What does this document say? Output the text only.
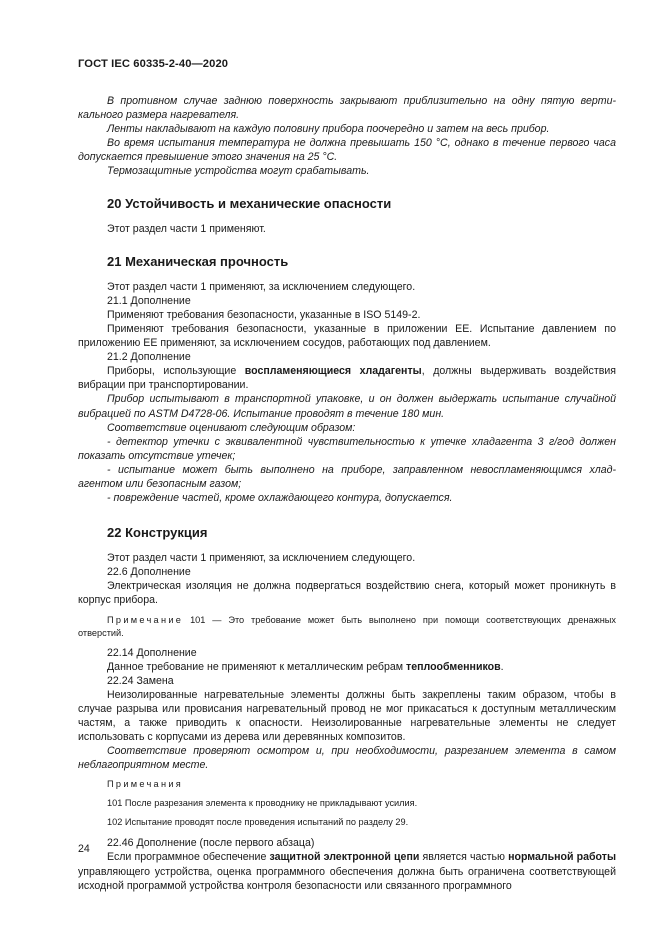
ГОСТ IEC 60335-2-40—2020

В противном случае заднюю поверхность закрывают приблизительно на одну пятую вертикального размера нагревателя.

Ленты накладывают на каждую половину прибора поочередно и затем на весь прибор.

Во время испытания температура не должна превышать 150 °С, однако в течение первого часа допускается превышение этого значения на 25 °С.

Термозащитные устройства могут срабатывать.

20 Устойчивость и механические опасности

Этот раздел части 1 применяют.

21 Механическая прочность

Этот раздел части 1 применяют, за исключением следующего.

21.1 Дополнение

Применяют требования безопасности, указанные в ISO 5149-2.

Применяют требования безопасности, указанные в приложении ЕЕ. Испытание давлением по приложению ЕЕ применяют, за исключением сосудов, работающих под давлением.

21.2 Дополнение

Приборы, использующие воспламеняющиеся хладагенты, должны выдерживать воздействия вибрации при транспортировании.

Прибор испытывают в транспортной упаковке, и он должен выдержать испытание случайной вибрацией по ASTM D4728-06. Испытание проводят в течение 180 мин.

Соответствие оценивают следующим образом:

- детектор утечки с эквивалентной чувствительностью к утечке хладагента 3 г/год должен показать отсутствие утечек;

- испытание может быть выполнено на приборе, заправленном невоспламеняющимся хладагентом или безопасным газом;

- повреждение частей, кроме охлаждающего контура, допускается.

22 Конструкция

Этот раздел части 1 применяют, за исключением следующего.

22.6 Дополнение

Электрическая изоляция не должна подвергаться воздействию снега, который может проникнуть в корпус прибора.

Примечание 101 — Это требование может быть выполнено при помощи соответствующих дренажных отверстий.

22.14 Дополнение

Данное требование не применяют к металлическим ребрам теплообменников.

22.24 Замена

Неизолированные нагревательные элементы должны быть закреплены таким образом, чтобы в случае разрыва или провисания нагревательный провод не мог прикасаться к доступным металлическим частям, а также приводить к опасности. Неизолированные нагревательные элементы не следует использовать с корпусами из дерева или деревянных композитов.

Соответствие проверяют осмотром и, при необходимости, разрезанием элемента в самом неблагоприятном месте.

Примечания

101 После разрезания элемента к проводнику не прикладывают усилия.

102 Испытание проводят после проведения испытаний по разделу 29.

22.46 Дополнение (после первого абзаца)

Если программное обеспечение защитной электронной цепи является частью нормальной работы управляющего устройства, оценка программного обеспечения должна быть ограничена соответствующей исходной программой устройства контроля безопасности или связанного программного

24
